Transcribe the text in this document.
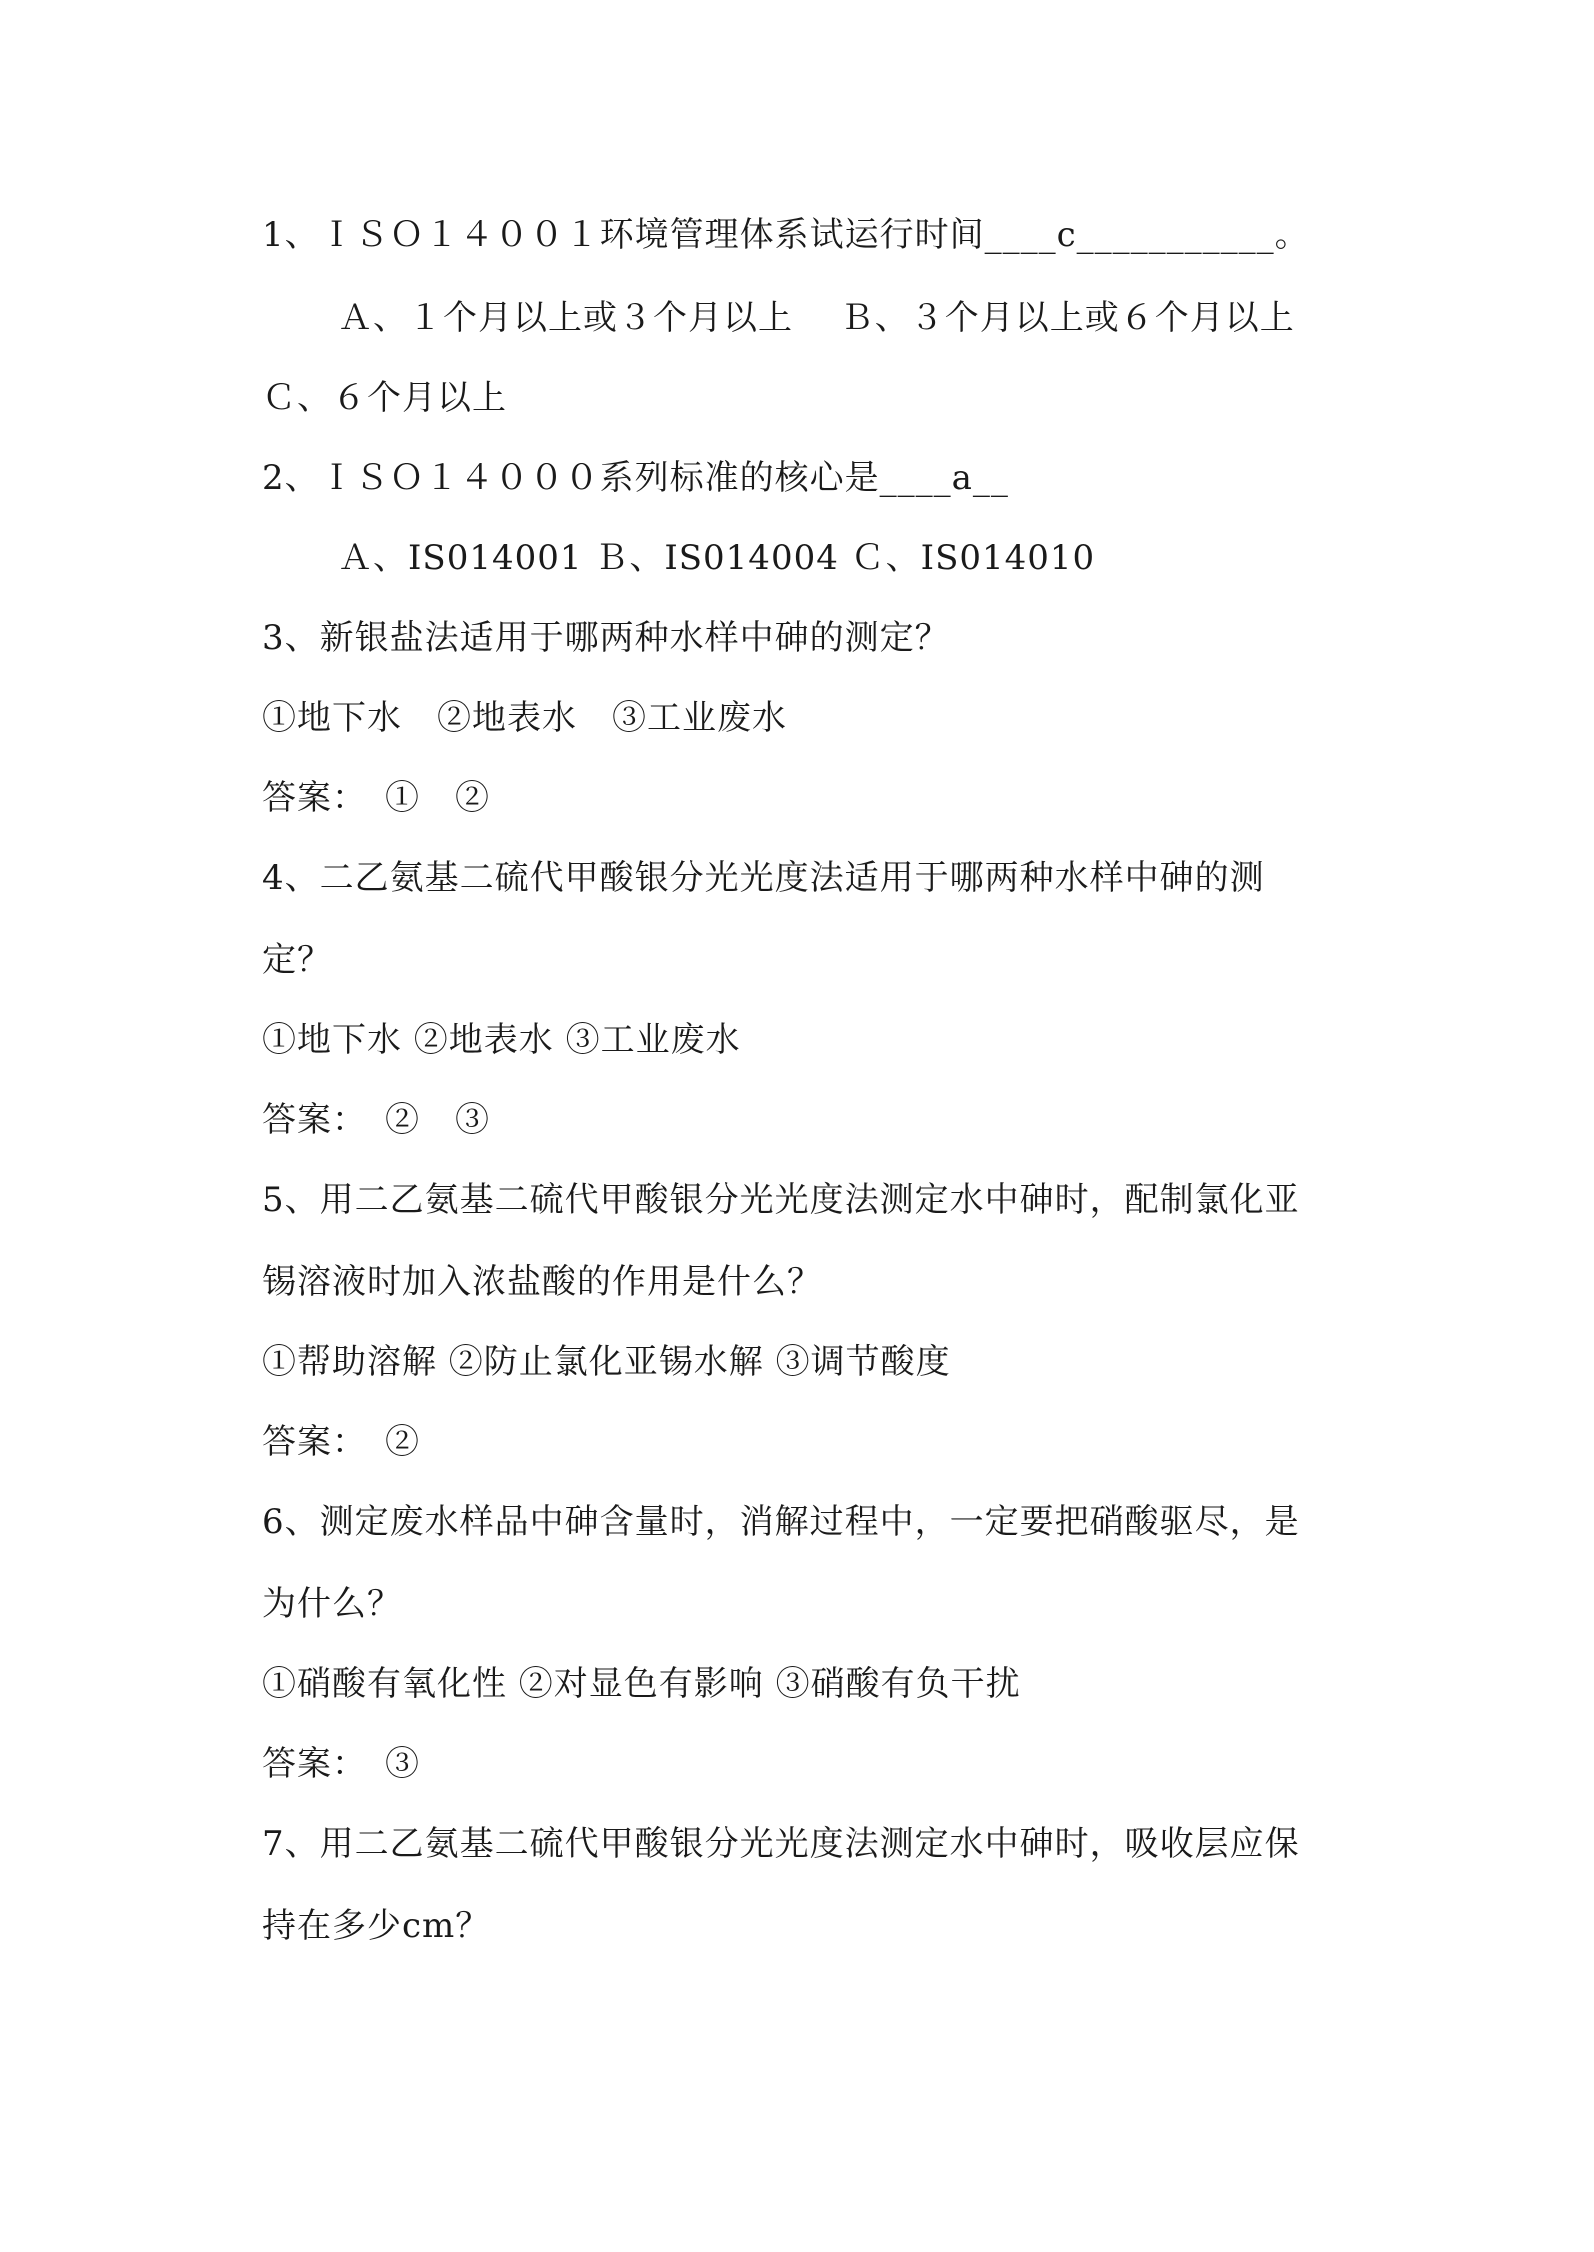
1、ＩＳＯ１４００１环境管理体系试运行时间____c___________。
Ａ、１个月以上或３个月以上　 Ｂ、３个月以上或６个月以上
Ｃ、６个月以上
2、ＩＳＯ１４０００系列标准的核心是____a__
Ａ、IS014001 Ｂ、IS014004 Ｃ、IS014010
3、新银盐法适用于哪两种水样中砷的测定？
①地下水　②地表水　③工业废水
答案：　①　②
4、二乙氨基二硫代甲酸银分光光度法适用于哪两种水样中砷的测
定？
①地下水 ②地表水 ③工业废水
答案：　②　③
5、用二乙氨基二硫代甲酸银分光光度法测定水中砷时，配制氯化亚
锡溶液时加入浓盐酸的作用是什么？
①帮助溶解 ②防止氯化亚锡水解 ③调节酸度
答案：　②
6、测定废水样品中砷含量时，消解过程中，一定要把硝酸驱尽，是
为什么？
①硝酸有氧化性 ②对显色有影响 ③硝酸有负干扰
答案：　③
7、用二乙氨基二硫代甲酸银分光光度法测定水中砷时，吸收层应保
持在多少cm？
